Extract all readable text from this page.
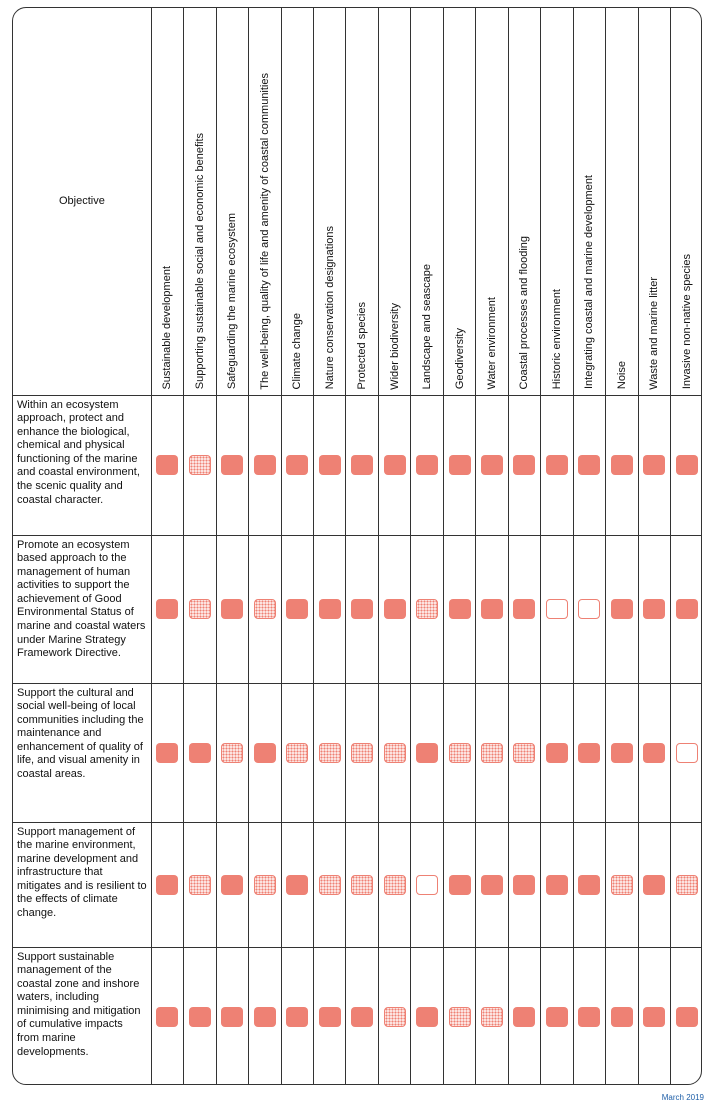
Objective	Sustainable development	Supporting sustainable social and economic benefits	Safeguarding the marine ecosystem	The well-being, quality of life and amenity of coastal communities	Climate change	Nature conservation designations	Protected species	Wider biodiversity	Landscape and seascape	Geodiversity	Water environment	Coastal processes and flooding	Historic environment	Integrating coastal and marine development	Noise	Waste and marine litter	Invasive non-native species
Within an ecosystem approach, protect and enhance the biological, chemical and physical functioning of the marine and coastal environment, the scenic quality and coastal character.																	
Promote an ecosystem based approach to the management of human activities to support the achievement of Good Environmental Status of marine and coastal waters under Marine Strategy Framework Directive.																	
Support the cultural and social well-being of local communities including the maintenance and enhancement of quality of life, and visual amenity in coastal areas.																	
Support management of the marine environment, marine development and infrastructure that mitigates and is resilient to the effects of climate change.																	
Support sustainable management of the coastal zone and inshore waters, including minimising and mitigation of cumulative impacts from marine developments.																	
March 2019
